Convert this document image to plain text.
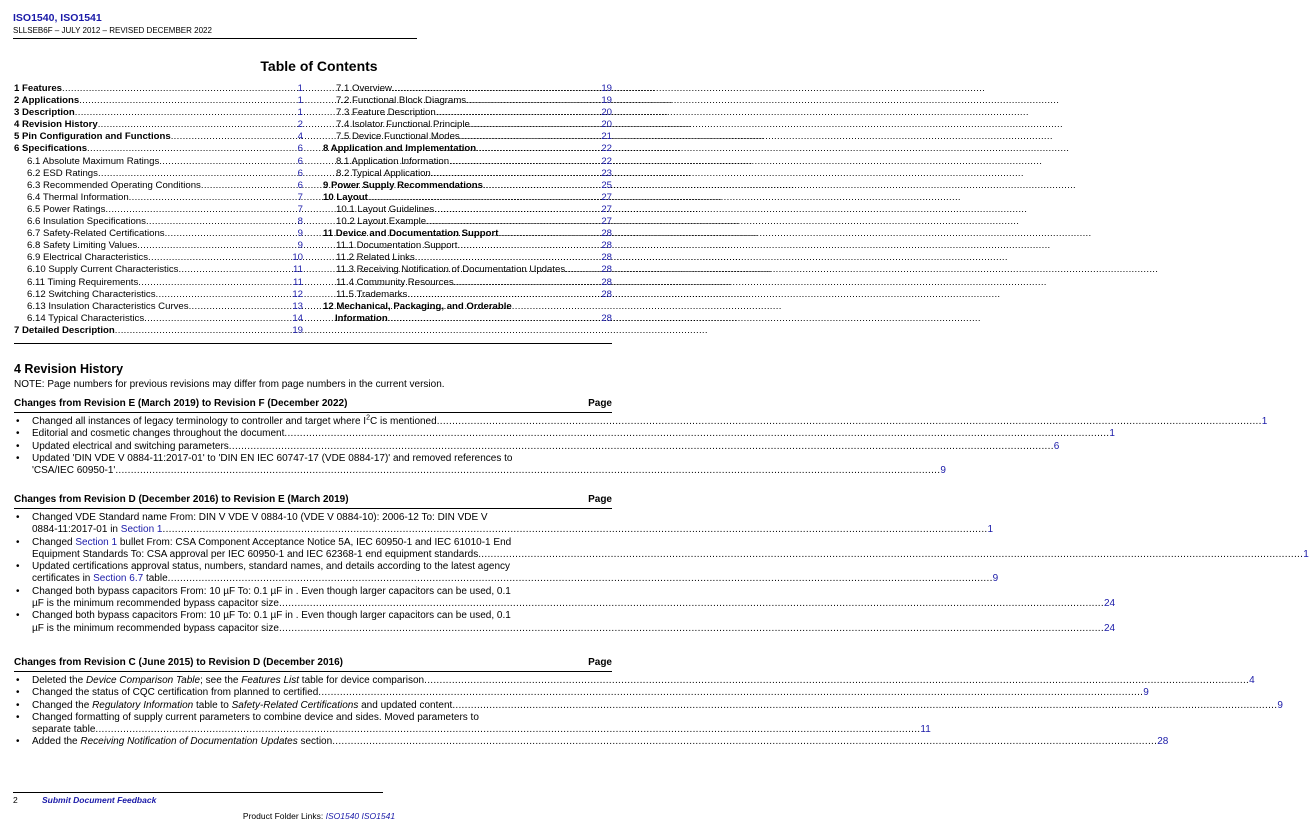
ISO1540, ISO1541
SLLSEB6F – JULY 2012 – REVISED DECEMBER 2022
Table of Contents
1 Features .....	1
2 Applications .....	1
3 Description .....	1
4 Revision History .....	2
5 Pin Configuration and Functions .....	4
6 Specifications .....	6
6.1 Absolute Maximum Ratings .....	6
6.2 ESD Ratings .....	6
6.3 Recommended Operating Conditions .....	6
6.4 Thermal Information .....	7
6.5 Power Ratings .....	7
6.6 Insulation Specifications .....	8
6.7 Safety-Related Certifications .....	9
6.8 Safety Limiting Values .....	9
6.9 Electrical Characteristics .....	10
6.10 Supply Current Characteristics .....	11
6.11 Timing Requirements .....	11
6.12 Switching Characteristics .....	12
6.13 Insulation Characteristics Curves .....	13
6.14 Typical Characteristics .....	14
7 Detailed Description .....	19
7.1 Overview .....	19
7.2 Functional Block Diagrams .....	19
7.3 Feature Description .....	20
7.4 Isolator Functional Principle .....	20
7.5 Device Functional Modes .....	21
8 Application and Implementation .....	22
8.1 Application Information .....	22
8.2 Typical Application .....	23
9 Power Supply Recommendations .....	25
10 Layout .....	27
10.1 Layout Guidelines .....	27
10.2 Layout Example .....	27
11 Device and Documentation Support .....	28
11.1 Documentation Support .....	28
11.2 Related Links .....	28
11.3 Receiving Notification of Documentation Updates .....	28
11.4 Community Resources .....	28
11.5 Trademarks .....	28
12 Mechanical, Packaging, and Orderable
Information .....	28
4 Revision History
NOTE: Page numbers for previous revisions may differ from page numbers in the current version.
Changes from Revision E (March 2019) to Revision F (December 2022)	Page
•	Changed all instances of legacy terminology to controller and target where $I^2C$ is mentioned .....	1
•	Editorial and cosmetic changes throughout the document .....	1
•	Updated electrical and switching parameters .....	6
•	Updated 'DIN VDE V 0884-11:2017-01' to 'DIN EN IEC 60747-17 (VDE 0884-17)' and removed references to
'CSA/IEC 60950-1' .....	9
Changes from Revision D (December 2016) to Revision E (March 2019)	Page
•	Changed VDE Standard name From: DIN V VDE V 0884-10 (VDE V 0884-10): 2006-12 To: DIN VDE V
0884-11:2017-01 in Section 1 .....	1
•	Changed Section 1 bullet From: CSA Component Acceptance Notice 5A, IEC 60950-1 and IEC 61010-1 End
Equipment Standards To: CSA approval per IEC 60950-1 and IEC 62368-1 end equipment standards .....	1
•	Updated certifications approval status, numbers, standard names, and details according to the latest agency
certificates in Section 6.7 table .....	9
•	Changed both bypass capacitors From: 10 µF To: 0.1 µF in . Even though larger capacitors can be used, 0.1
µF is the minimum recommended bypass capacitor size .....	24
•	Changed both bypass capacitors From: 10 µF To: 0.1 µF in . Even though larger capacitors can be used, 0.1
µF is the minimum recommended bypass capacitor size .....	24
Changes from Revision C (June 2015) to Revision D (December 2016)	Page
•	Deleted the Device Comparison Table; see the Features List table for device comparison .....	4
•	Changed the status of CQC certification from planned to certified .....	9
•	Changed the Regulatory Information table to Safety-Related Certifications and updated content .....	9
•	Changed formatting of supply current parameters to combine device and sides. Moved parameters to
separate table .....	11
•	Added the Receiving Notification of Documentation Updates section .....	28
2	Submit Document Feedback
Product Folder Links: ISO1540 ISO1541
